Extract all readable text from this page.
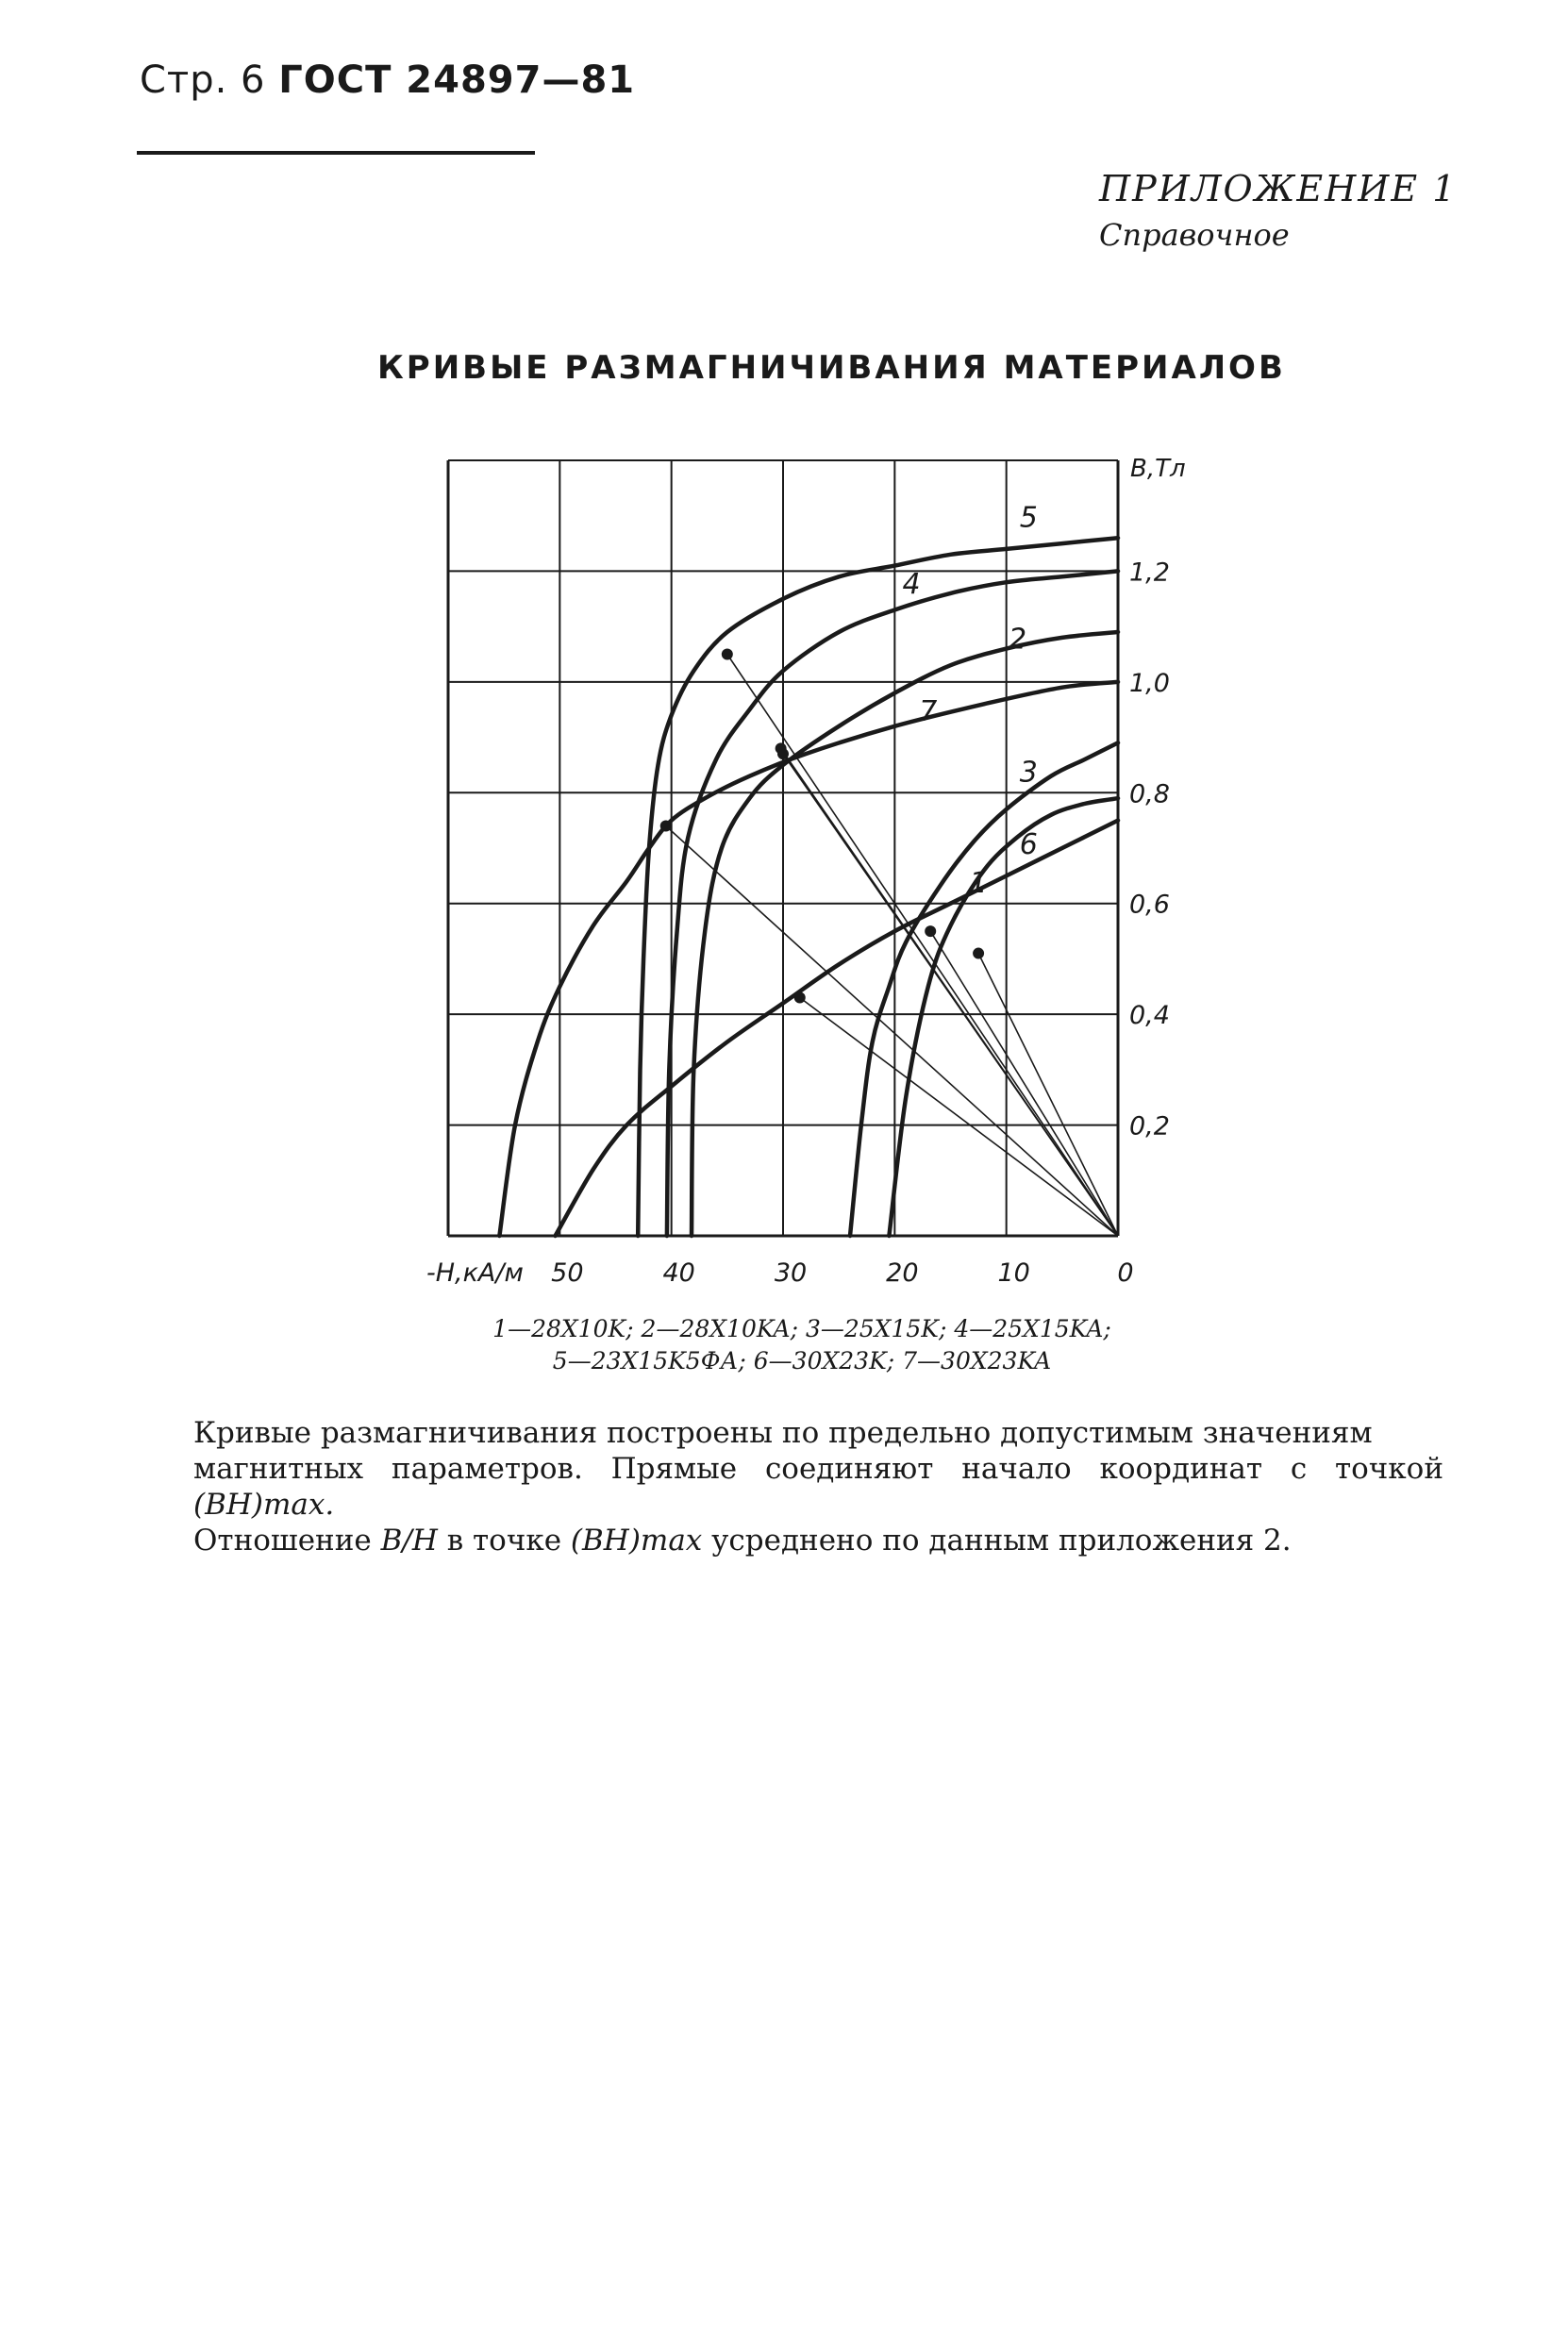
Стр. 6 ГОСТ 24897—81
ПРИЛОЖЕНИЕ 1
Справочное
КРИВЫЕ РАЗМАГНИЧИВАНИЯ МАТЕРИАЛОВ
1
2
3
4
5
6
7
50	40	30	20	10	0
1,2
1,0
0,8
0,6
0,4
0,2
B,Тл
-H,кА/м
1—28X10K; 2—28X10KA; 3—25X15K; 4—25X15KA;
5—23X15K5ФА; 6—30X23K; 7—30X23KA
Кривые размагничивания построены по предельно допустимым значениям
магнитных параметров. Прямые соединяют начало координат с точкой (BH)max.
Отношение B/H в точке (BH)max усреднено по данным приложения 2.
